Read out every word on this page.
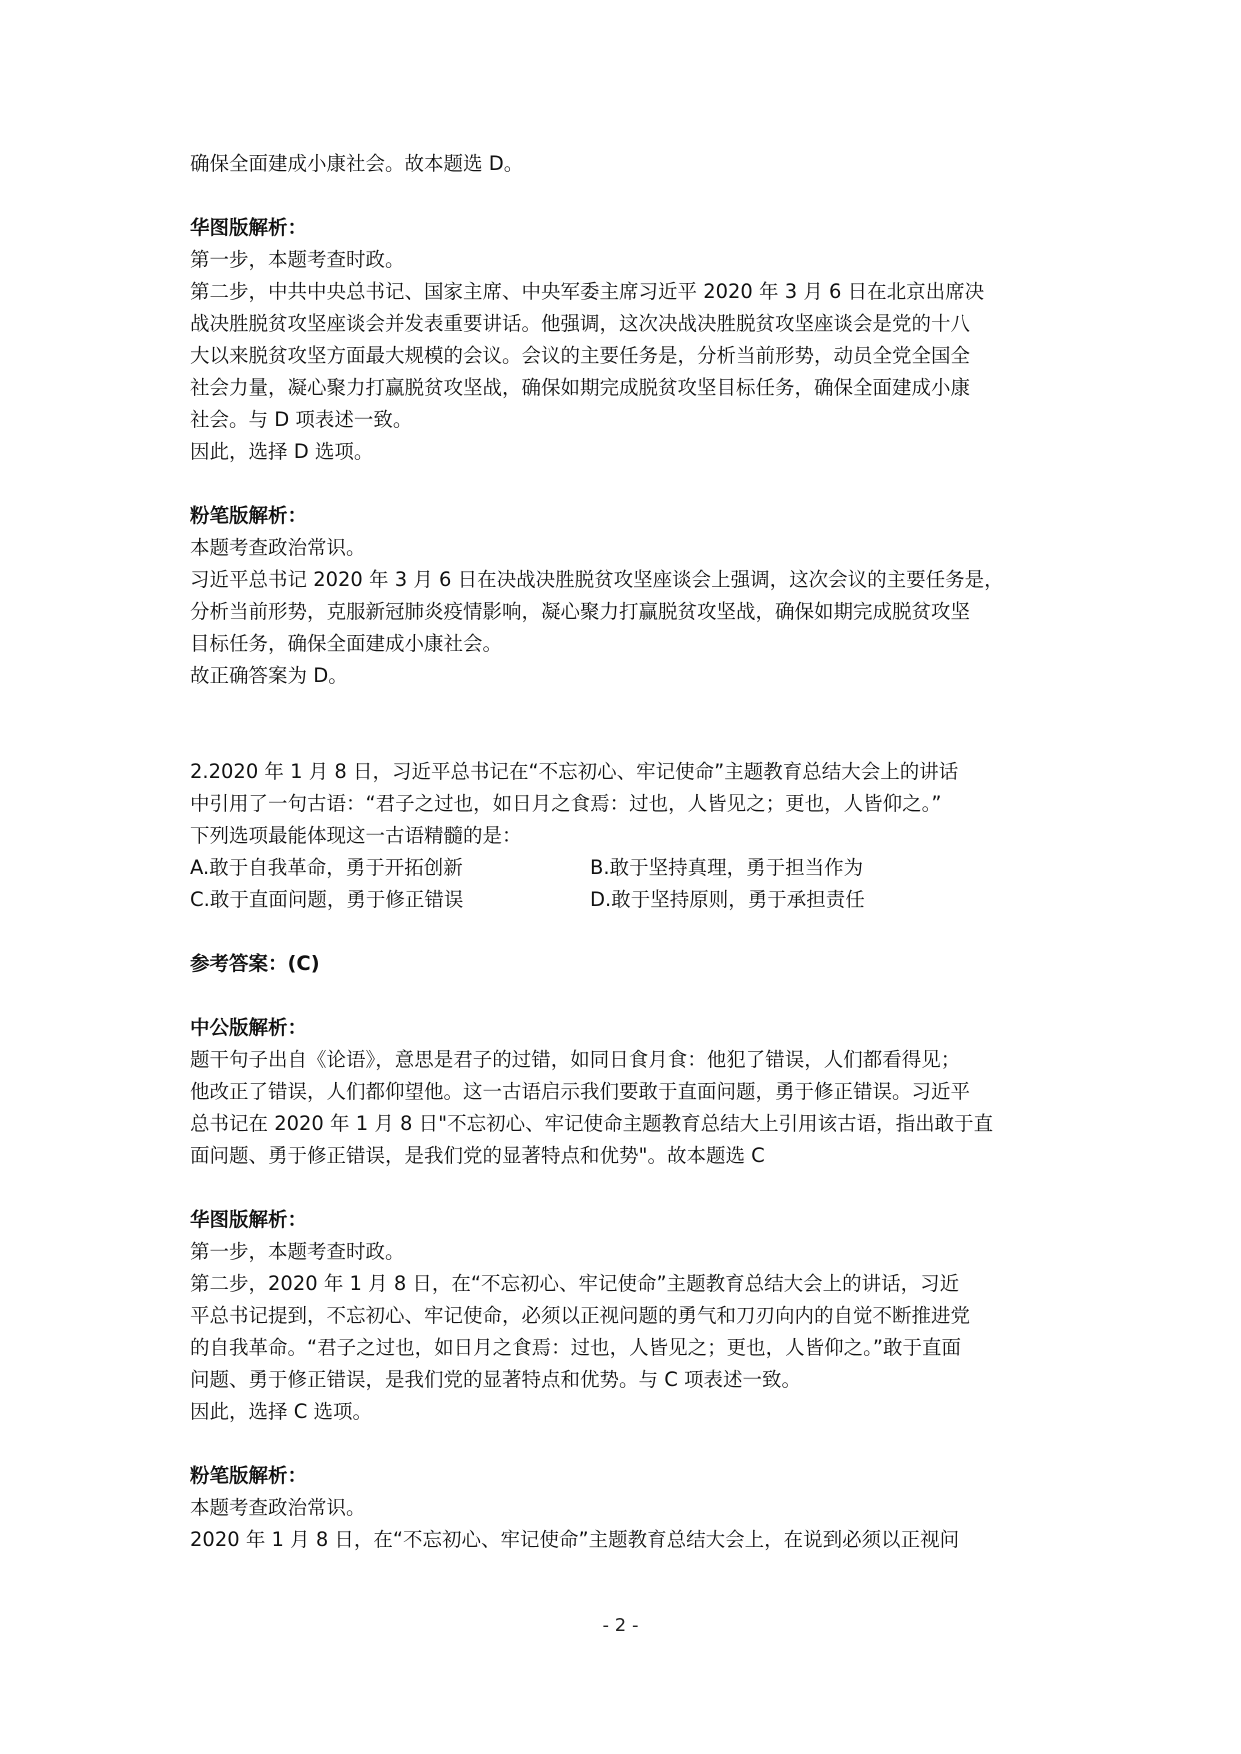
确保全面建成小康社会。故本题选 D。
华图版解析：
第一步，本题考查时政。
第二步，中共中央总书记、国家主席、中央军委主席习近平 2020 年 3 月 6 日在北京出席决
战决胜脱贫攻坚座谈会并发表重要讲话。他强调，这次决战决胜脱贫攻坚座谈会是党的十八
大以来脱贫攻坚方面最大规模的会议。会议的主要任务是，分析当前形势，动员全党全国全
社会力量，凝心聚力打赢脱贫攻坚战，确保如期完成脱贫攻坚目标任务，确保全面建成小康
社会。与 D 项表述一致。
因此，选择 D 选项。
粉笔版解析：
本题考查政治常识。
习近平总书记 2020 年 3 月 6 日在决战决胜脱贫攻坚座谈会上强调，这次会议的主要任务是，
分析当前形势，克服新冠肺炎疫情影响，凝心聚力打赢脱贫攻坚战，确保如期完成脱贫攻坚
目标任务，确保全面建成小康社会。
故正确答案为 D。
2.2020 年 1 月 8 日，习近平总书记在“不忘初心、牢记使命”主题教育总结大会上的讲话
中引用了一句古语：“君子之过也，如日月之食焉：过也，人皆见之；更也，人皆仰之。”
下列选项最能体现这一古语精髓的是：
A.敢于自我革命，勇于开拓创新	B.敢于坚持真理，勇于担当作为
C.敢于直面问题，勇于修正错误	D.敢于坚持原则，勇于承担责任
参考答案：(C)
中公版解析：
题干句子出自《论语》，意思是君子的过错，如同日食月食：他犯了错误，人们都看得见；
他改正了错误，人们都仰望他。这一古语启示我们要敢于直面问题，勇于修正错误。习近平
总书记在 2020 年 1 月 8 日"不忘初心、牢记使命主题教育总结大上引用该古语，指出敢于直
面问题、勇于修正错误，是我们党的显著特点和优势"。故本题选 C
华图版解析：
第一步，本题考查时政。
第二步，2020 年 1 月 8 日，在“不忘初心、牢记使命”主题教育总结大会上的讲话，习近
平总书记提到，不忘初心、牢记使命，必须以正视问题的勇气和刀刃向内的自觉不断推进党
的自我革命。“君子之过也，如日月之食焉：过也，人皆见之；更也，人皆仰之。”敢于直面
问题、勇于修正错误，是我们党的显著特点和优势。与 C 项表述一致。
因此，选择 C 选项。
粉笔版解析：
本题考查政治常识。
2020 年 1 月 8 日，在“不忘初心、牢记使命”主题教育总结大会上，在说到必须以正视问
- 2 -
